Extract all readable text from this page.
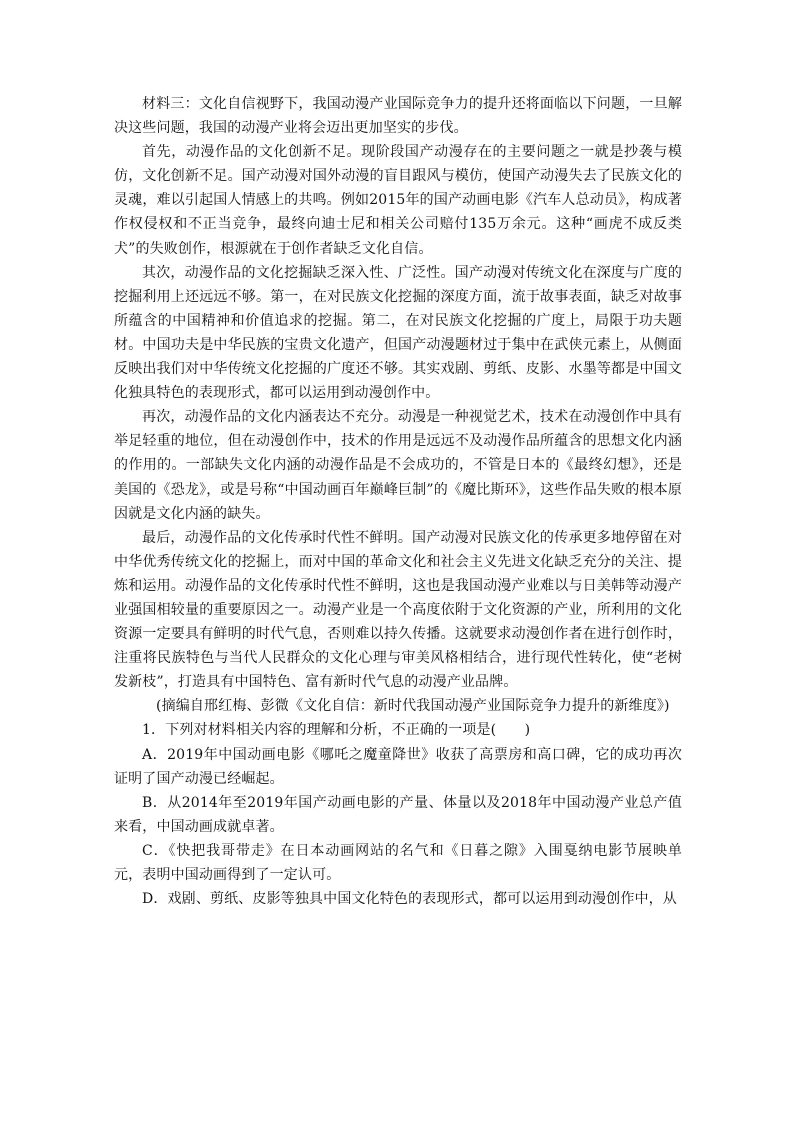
材料三：文化自信视野下，我国动漫产业国际竞争力的提升还将面临以下问题，一旦解决这些问题，我国的动漫产业将会迈出更加坚实的步伐。

首先，动漫作品的文化创新不足。现阶段国产动漫存在的主要问题之一就是抄袭与模仿，文化创新不足。国产动漫对国外动漫的盲目跟风与模仿，使国产动漫失去了民族文化的灵魂，难以引起国人情感上的共鸣。例如2015年的国产动画电影《汽车人总动员》，构成著作权侵权和不正当竞争，最终向迪士尼和相关公司赔付135万余元。这种“画虎不成反类犬”的失败创作，根源就在于创作者缺乏文化自信。

其次，动漫作品的文化挖掘缺乏深入性、广泛性。国产动漫对传统文化在深度与广度的挖掘利用上还远远不够。第一，在对民族文化挖掘的深度方面，流于故事表面，缺乏对故事所蕴含的中国精神和价值追求的挖掘。第二，在对民族文化挖掘的广度上，局限于功夫题材。中国功夫是中华民族的宝贵文化遗产，但国产动漫题材过于集中在武侠元素上，从侧面反映出我们对中华传统文化挖掘的广度还不够。其实戏剧、剪纸、皮影、水墨等都是中国文化独具特色的表现形式，都可以运用到动漫创作中。

再次，动漫作品的文化内涵表达不充分。动漫是一种视觉艺术，技术在动漫创作中具有举足轻重的地位，但在动漫创作中，技术的作用是远远不及动漫作品所蕴含的思想文化内涵的作用的。一部缺失文化内涵的动漫作品是不会成功的，不管是日本的《最终幻想》，还是美国的《恐龙》，或是号称“中国动画百年巅峰巨制”的《魔比斯环》，这些作品失败的根本原因就是文化内涵的缺失。

最后，动漫作品的文化传承时代性不鲜明。国产动漫对民族文化的传承更多地停留在对中华优秀传统文化的挖掘上，而对中国的革命文化和社会主义先进文化缺乏充分的关注、提炼和运用。动漫作品的文化传承时代性不鲜明，这也是我国动漫产业难以与日美韩等动漫产业强国相较量的重要原因之一。动漫产业是一个高度依附于文化资源的产业，所利用的文化资源一定要具有鲜明的时代气息，否则难以持久传播。这就要求动漫创作者在进行创作时，注重将民族特色与当代人民群众的文化心理与审美风格相结合，进行现代性转化，使“老树发新枝”，打造具有中国特色、富有新时代气息的动漫产业品牌。

(摘编自邢红梅、彭微《文化自信：新时代我国动漫产业国际竞争力提升的新维度》)

1．下列对材料相关内容的理解和分析，不正确的一项是(　　)

A．2019年中国动画电影《哪吒之魔童降世》收获了高票房和高口碑，它的成功再次证明了国产动漫已经崛起。

B．从2014年至2019年国产动画电影的产量、体量以及2018年中国动漫产业总产值来看，中国动画成就卓著。

C．《快把我哥带走》在日本动画网站的名气和《日暮之隙》入围戛纳电影节展映单元，表明中国动画得到了一定认可。

D．戏剧、剪纸、皮影等独具中国文化特色的表现形式，都可以运用到动漫创作中，从
